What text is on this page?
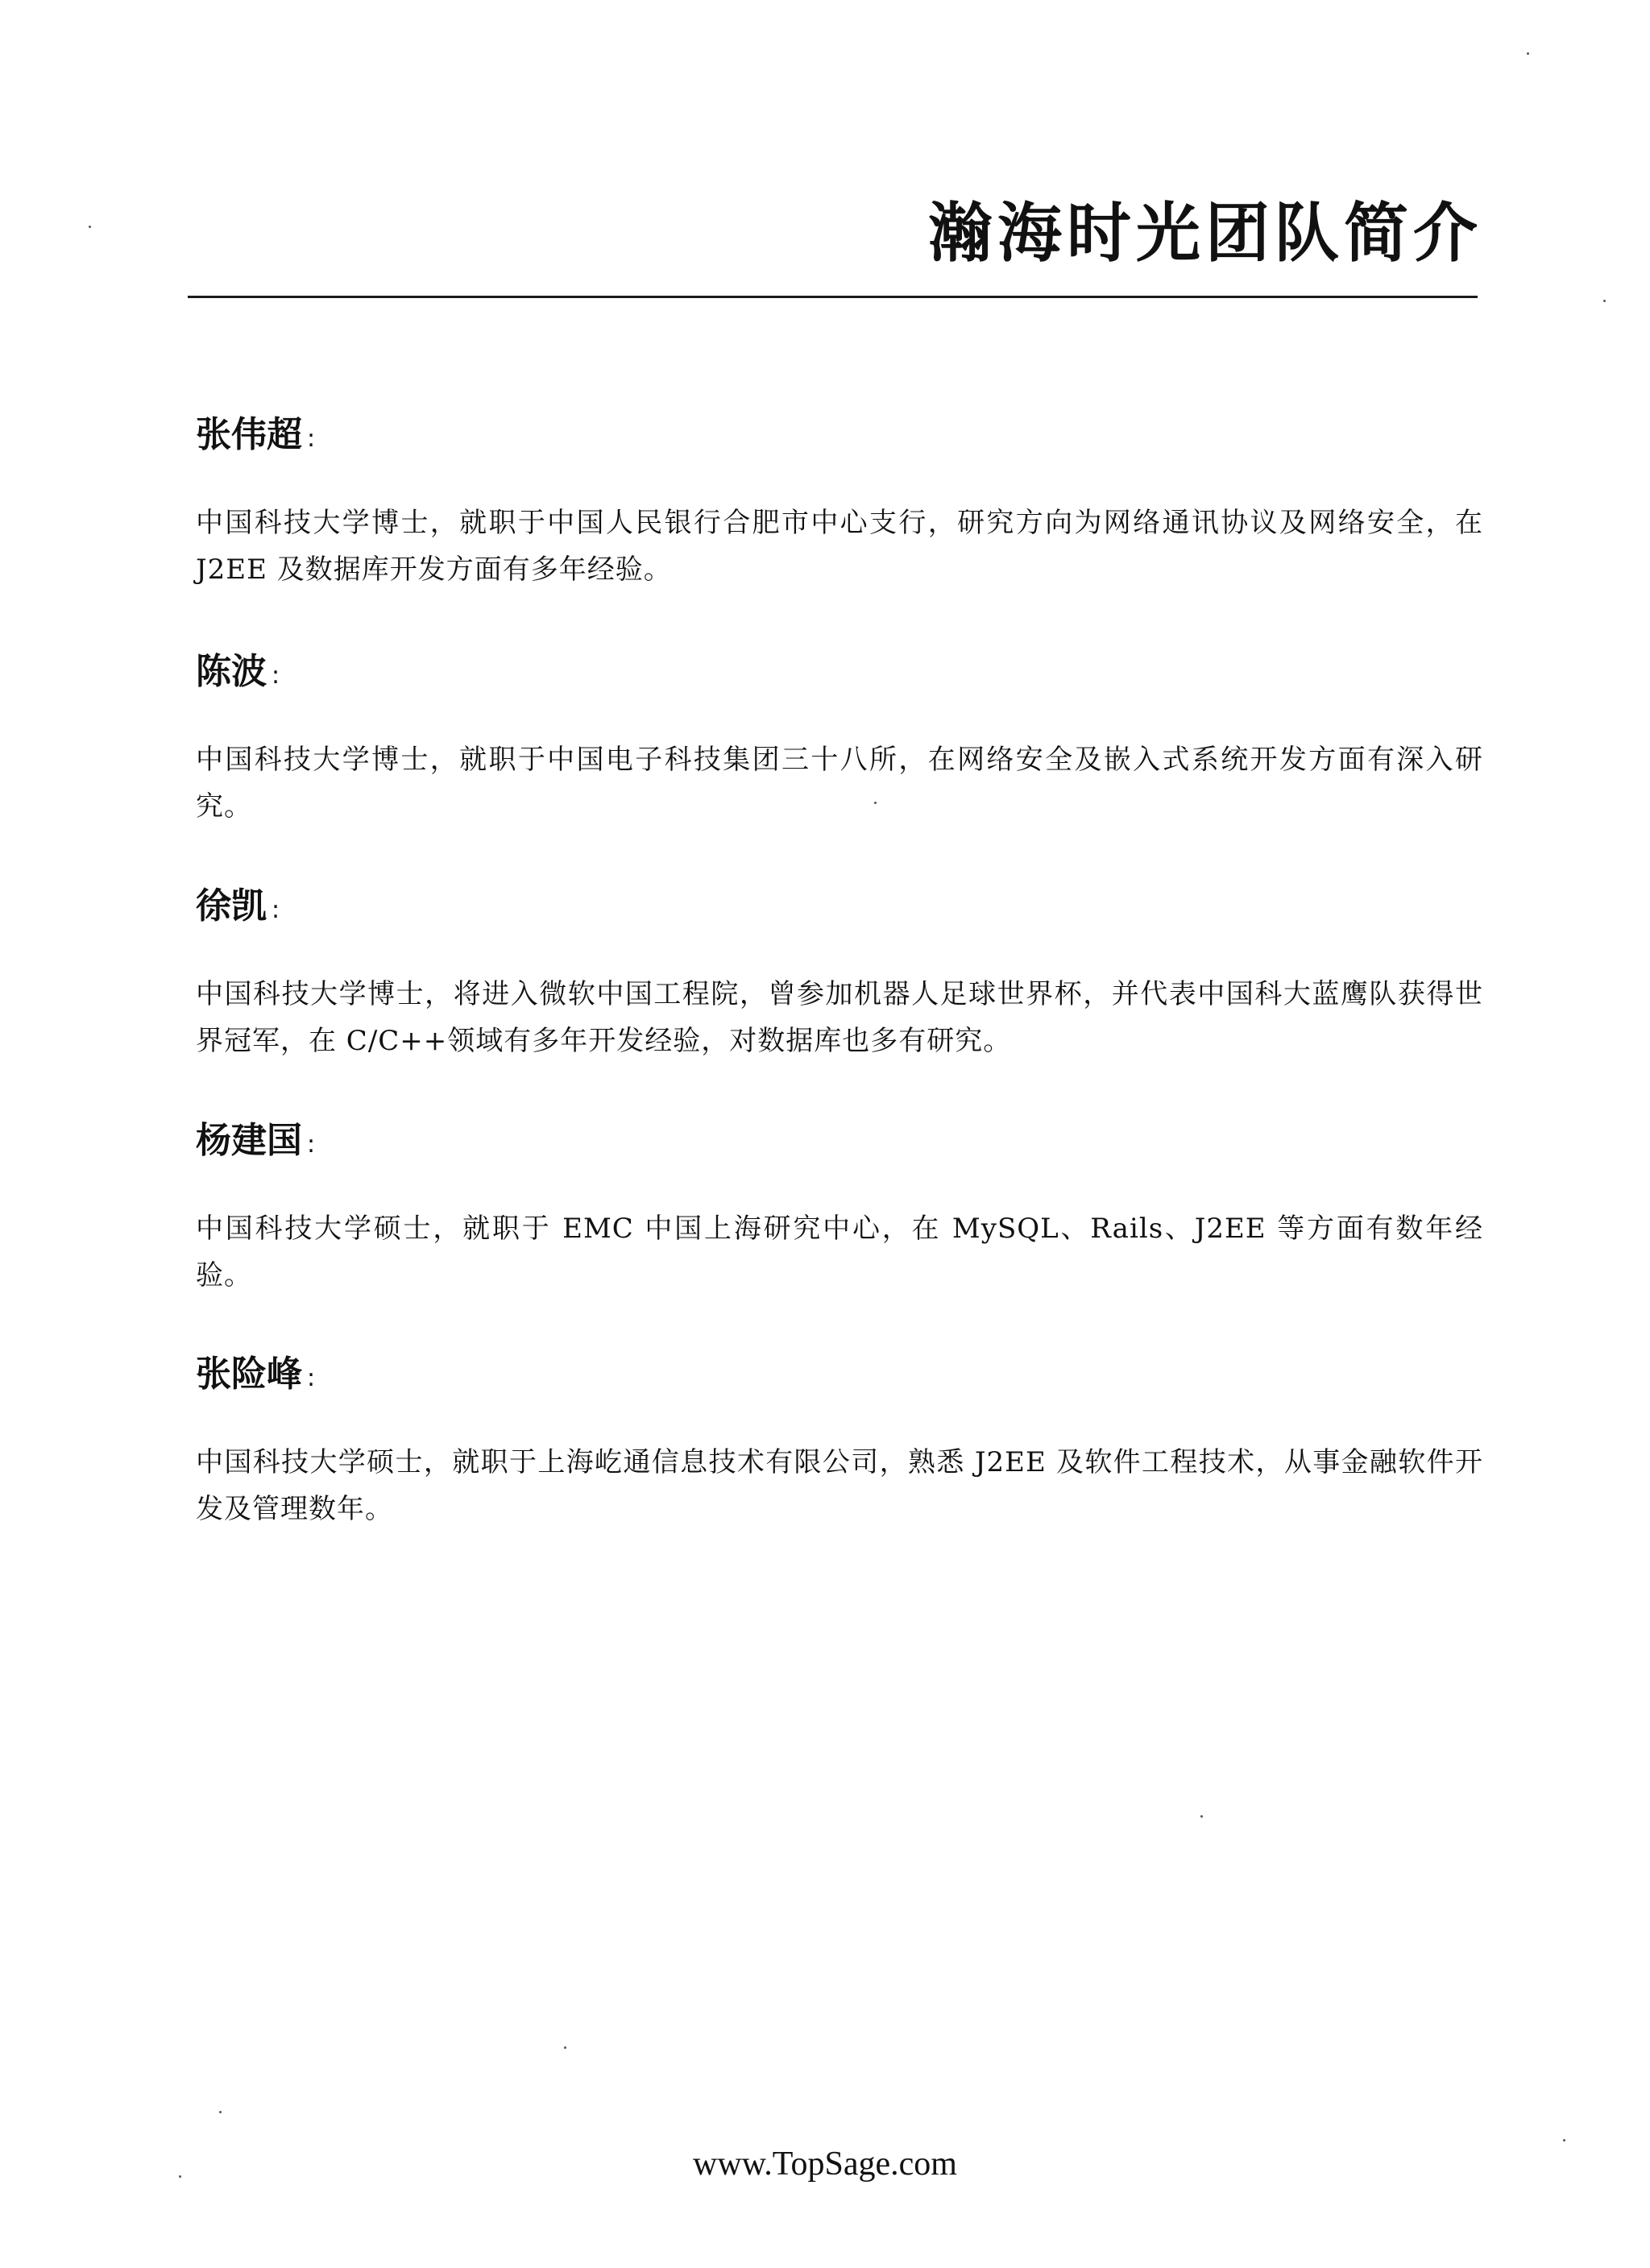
瀚海时光团队简介
张伟超 :
中国科技大学博士，就职于中国人民银行合肥市中心支行，研究方向为网络通讯协议及网络安全，在 J2EE 及数据库开发方面有多年经验。
陈波 :
中国科技大学博士，就职于中国电子科技集团三十八所，在网络安全及嵌入式系统开发方面有深入研究。
徐凯 :
中国科技大学博士，将进入微软中国工程院，曾参加机器人足球世界杯，并代表中国科大蓝鹰队获得世界冠军，在 C/C++领域有多年开发经验，对数据库也多有研究。
杨建国 :
中国科技大学硕士，就职于 EMC 中国上海研究中心，在 MySQL、Rails、J2EE 等方面有数年经验。
张险峰 :
中国科技大学硕士，就职于上海屹通信息技术有限公司，熟悉 J2EE 及软件工程技术，从事金融软件开发及管理数年。
www.TopSage.com
